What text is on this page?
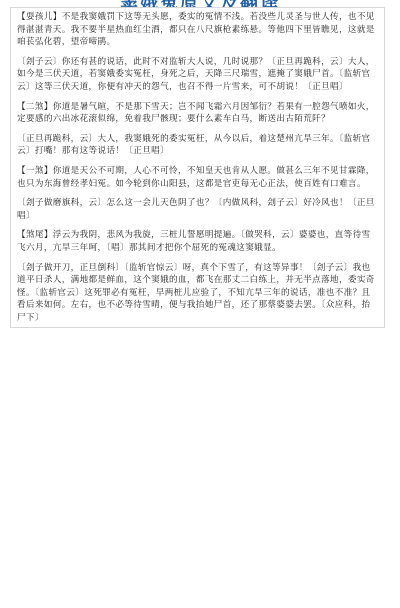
【耍孩儿】不是我窦娥罚下这等无头愿，委实的冤情不浅。若没些儿灵圣与世人传，也不见得湛湛青天。我不要半星热血红尘洒，都只在八尺旗枪素练悬。等他四下里皆瞧见，这就是咱苌弘化碧，望帝啼鹃。

〔刽子云〕你还有甚的说话，此时不对监斩大人说，几时说那？〔正旦再跪科，云〕大人，如今是三伏天道，若窦娥委实冤枉，身死之后，天降三尺瑞雪，遮掩了窦娥尸首。〔监斩官云〕这等三伏天道，你便有冲天的怨气，也召不得一片雪来，可不胡说！〔正旦唱〕

【二煞】你道是暑气暄，不是那下雪天；岂不闻飞霜六月因邹衍？若果有一腔怨气喷如火，定要感的六出冰花滚似绵，免着我尸骸现；要什么素车白马，断送出古陌荒阡？

〔正旦再跪科，云〕大人，我窦娥死的委实冤枉，从今以后，着这楚州亢旱三年。〔监斩官云〕打嘴！那有这等说话！〔正旦唱〕

【一煞】你道是天公不可期，人心不可怜，不知皇天也肯从人愿。做甚么三年不见甘霖降，也只为东海曾经孝妇冤。如今轮到你山阳县，这都是官吏每无心正法，使百姓有口难言。

〔刽子做磨旗科，云〕怎么这一会儿天色阴了也？〔内做风科，刽子云〕好冷风也！〔正旦唱〕

【煞尾】浮云为我阴，悲风为我旋，三桩儿誓愿明提遍。〔做哭科，云〕婆婆也，直等待雪飞六月，亢旱三年呵，〔唱〕那其间才把你个屈死的冤魂这窦娥显。

〔刽子做开刀，正旦倒科〕〔监斩官惊云〕呀，真个下雪了，有这等异事！〔刽子云〕我也道平日杀人，满地都是鲜血，这个窦娥的血，都飞在那丈二白练上，并无半点落地，委实奇怪。〔监斩官云〕这死罪必有冤枉，早两桩儿应验了，不知亢旱三年的说话，准也不准？且看后来如何。左右，也不必等待雪晴，便与我抬她尸首，还了那蔡婆婆去罢。〔众应科，抬尸下〕
